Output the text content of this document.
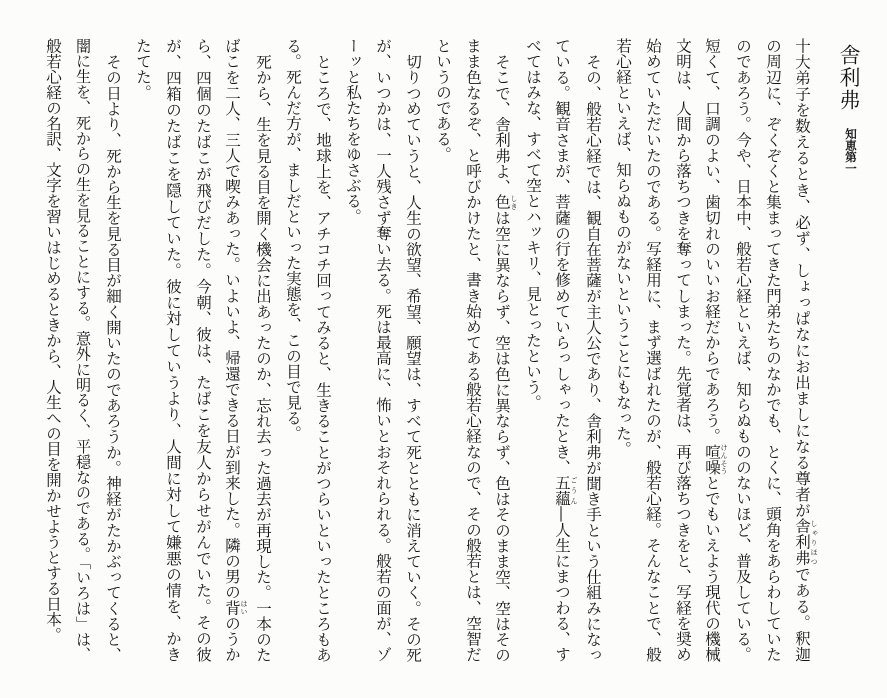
舎利弗
知恵第一
十大弟子を数えるとき、必ず、しょっぱなにお出ましになる尊者が舎利弗 しゃりほつである。釈迦
の周辺に、ぞくぞくと集まってきた門弟たちのなかでも、とくに、頭角をあらわしていた
のであろう。今や、日本中、般若心経といえば、知らぬもののないほど、普及している。
短くて、口調のよい、歯切れのいいお経だからであろう。喧噪 けんそうとでもいえよう現代の機械
文明は、人間から落ちつきを奪ってしまった。先覚者は、再び落ちつきをと、写経を奨め
始めていただいたのである。写経用に、まず選ばれたのが、般若心経。そんなことで、般
若心経といえば、知らぬものがないということにもなった。
その、般若心経では、観自在菩薩が主人公であり、舎利弗が聞き手という仕組みになっ
ている。観音さまが、菩薩の行を修めていらっしゃったとき、五蘊 ごうん―人生にまつわる、す
べてはみな、すべて空とハッキリ、見とったという。
そこで、舎利弗よ、色 しきは空に異ならず、空は色に異ならず、色はそのまま空、空はその
まま色なるぞ、と呼びかけたと、書き始めてある般若心経なので、その般若とは、空智だ
というのである。
切りつめていうと、人生の欲望、希望、願望は、すべて死とともに消えていく。その死
が、いつかは、一人残さず奪い去る。死は最高に、怖いとおそれられる。般若の面が、ゾ
ーッと私たちをゆさぶる。
ところで、地球上を、アチコチ回ってみると、生きることがつらいといったところもあ
る。死んだ方が、ましだといった実態を、この目で見る。
死から、生を見る目を開く機会に出あったのか、忘れ去った過去が再現した。一本のた
ばこを二人、三人で喫みあった。いよいよ、帰還できる日が到来した。隣の男の背 はいのうか
ら、四個のたばこが飛びだした。今朝、彼は、たばこを友人からせがんでいた。その彼
が、四箱のたばこを隠していた。彼に対していうより、人間に対して嫌悪の情を、かき
たてた。
その日より、死から生を見る目が細く開いたのであろうか。神経がたかぶってくると、
闇に生を、死からの生を見ることにする。意外に明るく、平穏なのである。「いろは」は、
般若心経の名訳、文字を習いはじめるときから、人生への目を開かせようとする日本。
